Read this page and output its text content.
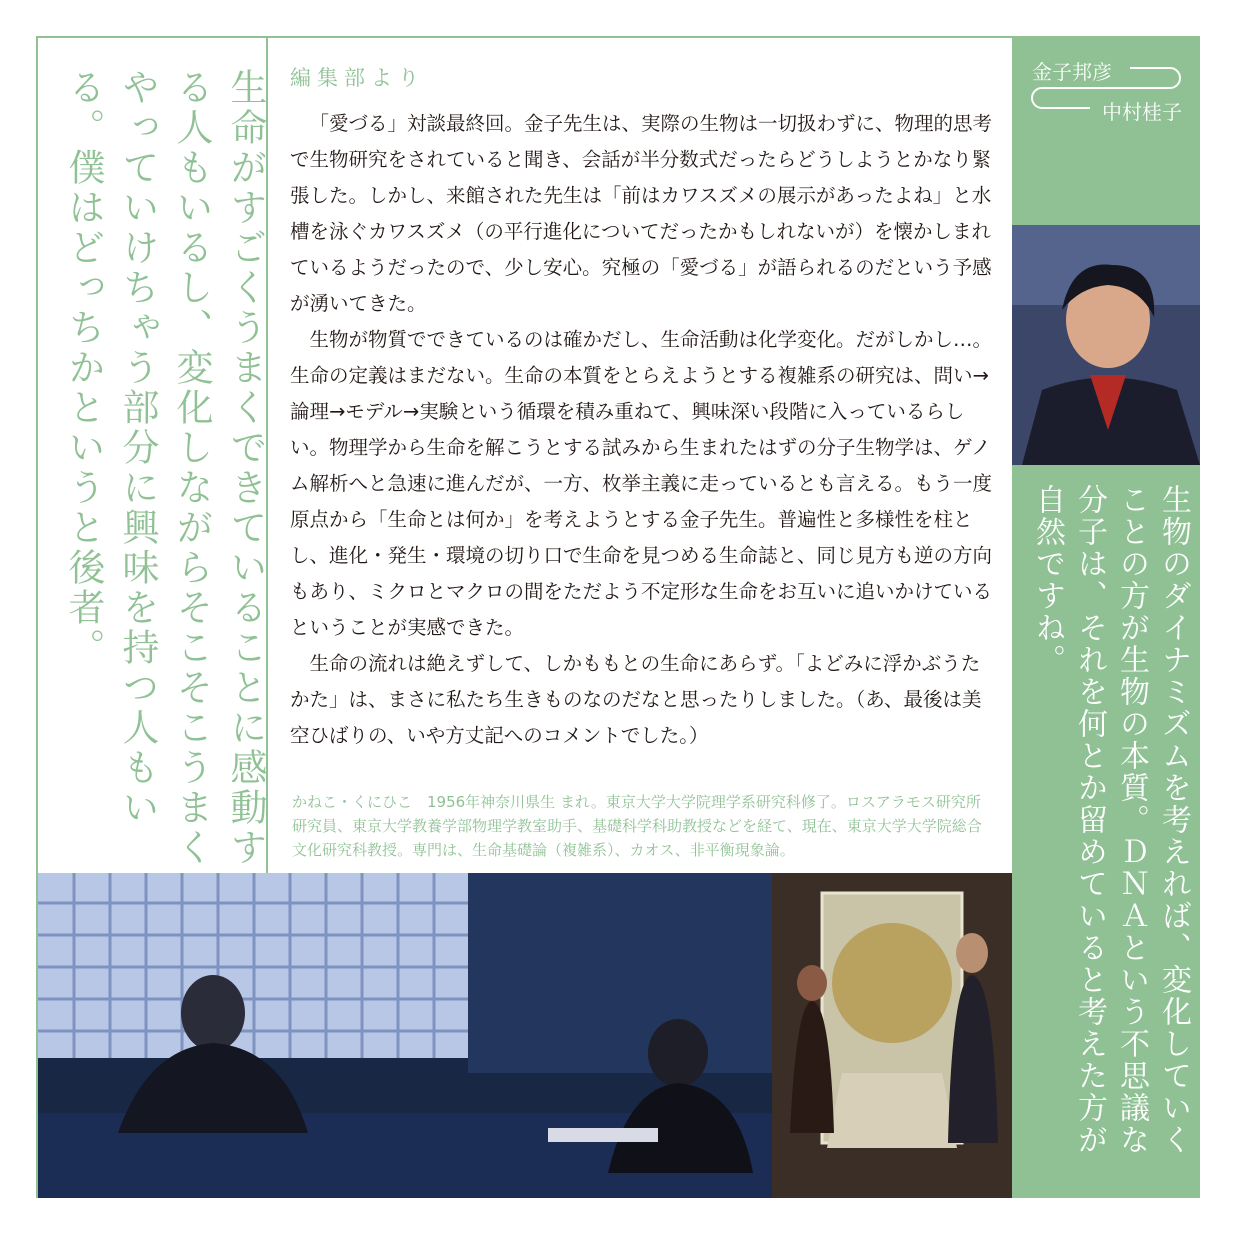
生命がすごくうまくできていることに感動する人もいるし、変化しながらそこそこうまくやっていけちゃう部分に興味を持つ人もいる。僕はどっちかというと後者。	編集部より

「愛づる」対談最終回。金子先生は、実際の生物は一切扱わずに、物理的思考で生物研究をされていると聞き、会話が半分数式だったらどうしようとかなり緊張した。しかし、来館された先生は「前はカワスズメの展示があったよね」と水槽を泳ぐカワスズメ（の平行進化についてだったかもしれないが）を懐かしまれているようだったので、少し安心。究極の「愛づる」が語られるのだという予感が湧いてきた。

生物が物質でできているのは確かだし、生命活動は化学変化。だがしかし…。生命の定義はまだない。生命の本質をとらえようとする複雑系の研究は、問い→論理→モデル→実験という循環を積み重ねて、興味深い段階に入っているらしい。物理学から生命を解こうとする試みから生まれたはずの分子生物学は、ゲノム解析へと急速に進んだが、一方、枚挙主義に走っているとも言える。もう一度原点から「生命とは何か」を考えようとする金子先生。普遍性と多様性を柱とし、進化・発生・環境の切り口で生命を見つめる生命誌と、同じ見方も逆の方向もあり、ミクロとマクロの間をただよう不定形な生命をお互いに追いかけているということが実感できた。

生命の流れは絶えずして、しかももとの生命にあらず。「よどみに浮かぶうたかた」は、まさに私たち生きものなのだなと思ったりしました。（あ、最後は美空ひばりの、いや方丈記へのコメントでした。）

かねこ・くにひこ　1956年神奈川県生 まれ。東京大学大学院理学系研究科修了。ロスアラモス研究所研究員、東京大学教養学部物理学教室助手、基礎科学科助教授などを経て、現在、東京大学大学院総合文化研究科教授。専門は、生命基礎論（複雑系）、カオス、非平衡現象論。

金子邦彦
中村桂子

生物のダイナミズムを考えれば、変化していくことの方が生物の本質。ＤＮＡという不思議な分子は、それを何とか留めていると考えた方が自然ですね。
